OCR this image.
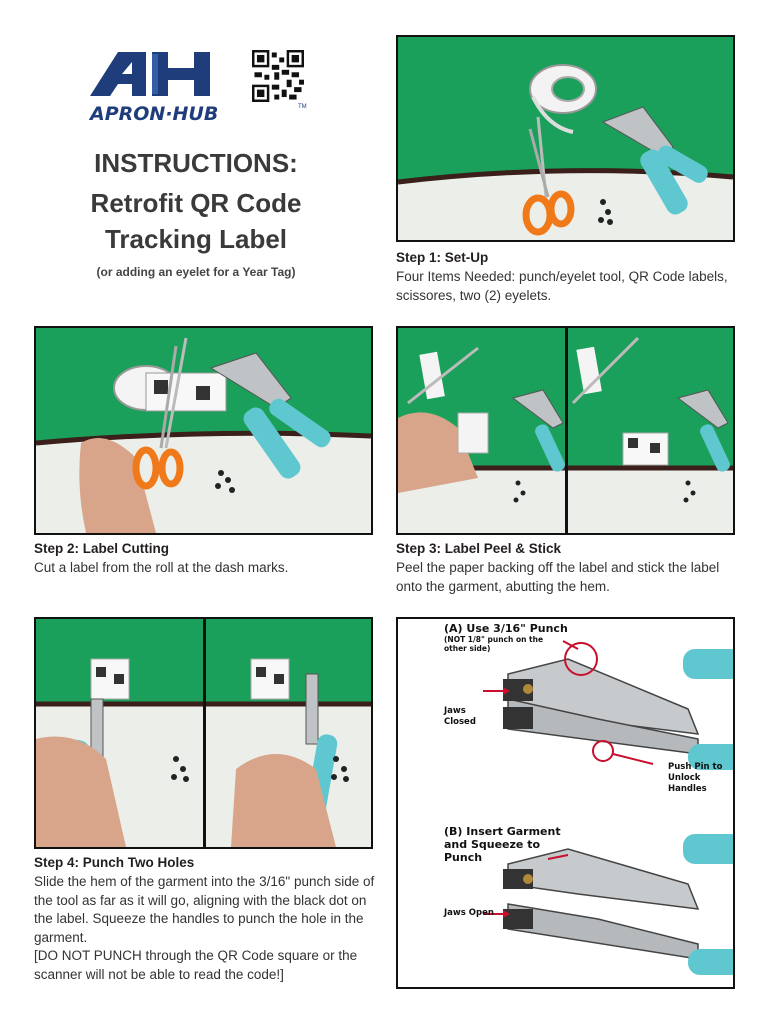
APRON·HUB	TM
INSTRUCTIONS:
Retrofit QR Code
Tracking Label
(or adding an eyelet for a Year Tag)
Step 1: Set-Up
Four Items Needed: punch/eyelet tool, QR Code labels, scissores, two (2) eyelets.
Step 2: Label Cutting
Cut a label from the roll at the dash marks.
Step 3: Label Peel & Stick
Peel the paper backing off the label and stick the label onto the garment, abutting the hem.
Step 4: Punch Two Holes
Slide the hem of the garment into the 3/16" punch side of the tool as far as it will go, aligning with the black dot on the label. Squeeze the handles to punch the hole in the garment.
[DO NOT PUNCH through the QR Code square or the scanner will not be able to read the code!]
(A) Use 3/16" Punch
(NOT 1/8" punch on the other side)
Jaws Closed
Push Pin to Unlock Handles
(B) Insert Garment and Squeeze to Punch
Jaws Open
